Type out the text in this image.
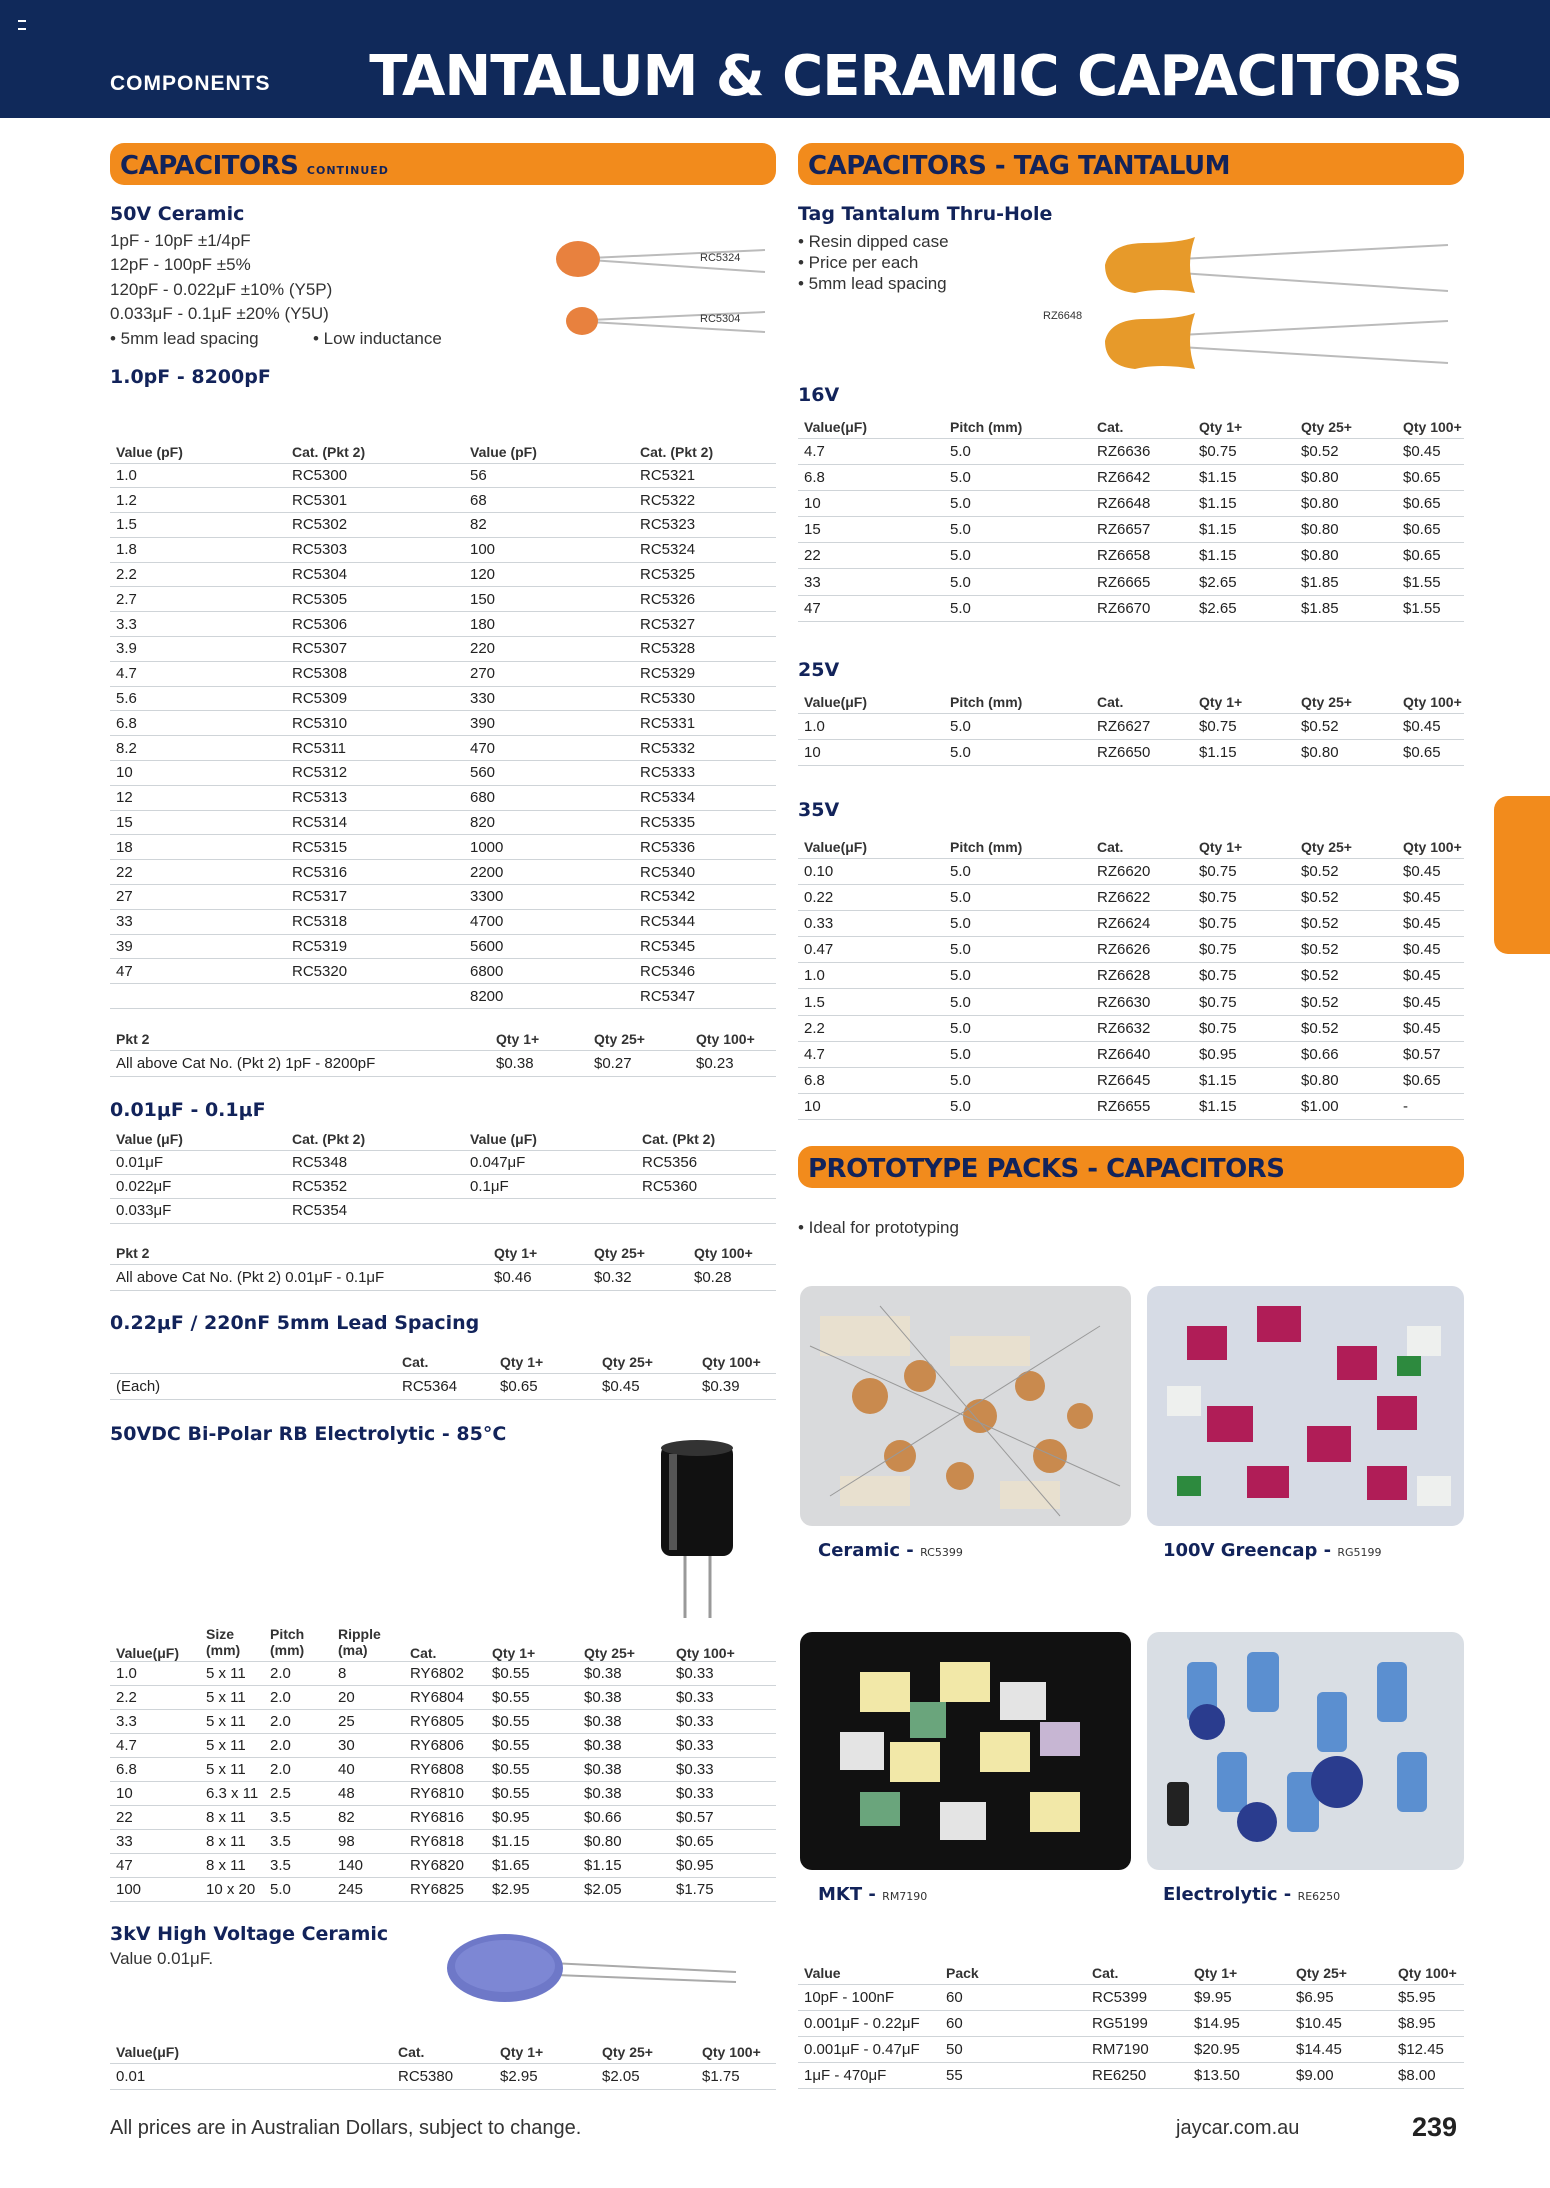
COMPONENTS TANTALUM & CERAMIC CAPACITORS
CAPACITORS CONTINUED
50V Ceramic
1pF - 10pF ±1/4pF
12pF - 100pF ±5%
120pF - 0.022μF ±10% (Y5P)
0.033μF - 0.1μF ±20% (Y5U)
• 5mm lead spacing	• Low inductance
RC5324
RC5304
1.0pF - 8200pF
Value (pF)	Cat. (Pkt 2)	Value (pF)	Cat. (Pkt 2)
1.0	RC5300	56	RC5321
1.2	RC5301	68	RC5322
1.5	RC5302	82	RC5323
1.8	RC5303	100	RC5324
2.2	RC5304	120	RC5325
2.7	RC5305	150	RC5326
3.3	RC5306	180	RC5327
3.9	RC5307	220	RC5328
4.7	RC5308	270	RC5329
5.6	RC5309	330	RC5330
6.8	RC5310	390	RC5331
8.2	RC5311	470	RC5332
10	RC5312	560	RC5333
12	RC5313	680	RC5334
15	RC5314	820	RC5335
18	RC5315	1000	RC5336
22	RC5316	2200	RC5340
27	RC5317	3300	RC5342
33	RC5318	4700	RC5344
39	RC5319	5600	RC5345
47	RC5320	6800	RC5346
		8200	RC5347
Pkt 2	Qty 1+	Qty 25+	Qty 100+
All above Cat No. (Pkt 2) 1pF - 8200pF	$0.38	$0.27	$0.23
0.01μF - 0.1μF
Value (μF)	Cat. (Pkt 2)	Value (μF)	Cat. (Pkt 2)
0.01μF	RC5348	0.047μF	RC5356
0.022μF	RC5352	0.1μF	RC5360
0.033μF	RC5354		
Pkt 2	Qty 1+	Qty 25+	Qty 100+
All above Cat No. (Pkt 2) 0.01μF - 0.1μF	$0.46	$0.32	$0.28
0.22μF / 220nF 5mm Lead Spacing
	Cat.	Qty 1+	Qty 25+	Qty 100+
(Each)	RC5364	$0.65	$0.45	$0.39
50VDC Bi-Polar RB Electrolytic - 85°C
Value(μF)	Size (mm)	Pitch (mm)	Ripple (ma)	Cat.	Qty 1+	Qty 25+	Qty 100+
1.0	5 x 11	2.0	8	RY6802	$0.55	$0.38	$0.33
2.2	5 x 11	2.0	20	RY6804	$0.55	$0.38	$0.33
3.3	5 x 11	2.0	25	RY6805	$0.55	$0.38	$0.33
4.7	5 x 11	2.0	30	RY6806	$0.55	$0.38	$0.33
6.8	5 x 11	2.0	40	RY6808	$0.55	$0.38	$0.33
10	6.3 x 11	2.5	48	RY6810	$0.55	$0.38	$0.33
22	8 x 11	3.5	82	RY6816	$0.95	$0.66	$0.57
33	8 x 11	3.5	98	RY6818	$1.15	$0.80	$0.65
47	8 x 11	3.5	140	RY6820	$1.65	$1.15	$0.95
100	10 x 20	5.0	245	RY6825	$2.95	$2.05	$1.75
3kV High Voltage Ceramic
Value 0.01μF.
Value(μF)	Cat.	Qty 1+	Qty 25+	Qty 100+
0.01	RC5380	$2.95	$2.05	$1.75
CAPACITORS - TAG TANTALUM
Tag Tantalum Thru-Hole
• Resin dipped case
• Price per each
• 5mm lead spacing
RZ6648
16V
Value(μF)	Pitch (mm)	Cat.	Qty 1+	Qty 25+	Qty 100+
4.7	5.0	RZ6636	$0.75	$0.52	$0.45
6.8	5.0	RZ6642	$1.15	$0.80	$0.65
10	5.0	RZ6648	$1.15	$0.80	$0.65
15	5.0	RZ6657	$1.15	$0.80	$0.65
22	5.0	RZ6658	$1.15	$0.80	$0.65
33	5.0	RZ6665	$2.65	$1.85	$1.55
47	5.0	RZ6670	$2.65	$1.85	$1.55
25V
Value(μF)	Pitch (mm)	Cat.	Qty 1+	Qty 25+	Qty 100+
1.0	5.0	RZ6627	$0.75	$0.52	$0.45
10	5.0	RZ6650	$1.15	$0.80	$0.65
35V
Value(μF)	Pitch (mm)	Cat.	Qty 1+	Qty 25+	Qty 100+
0.10	5.0	RZ6620	$0.75	$0.52	$0.45
0.22	5.0	RZ6622	$0.75	$0.52	$0.45
0.33	5.0	RZ6624	$0.75	$0.52	$0.45
0.47	5.0	RZ6626	$0.75	$0.52	$0.45
1.0	5.0	RZ6628	$0.75	$0.52	$0.45
1.5	5.0	RZ6630	$0.75	$0.52	$0.45
2.2	5.0	RZ6632	$0.75	$0.52	$0.45
4.7	5.0	RZ6640	$0.95	$0.66	$0.57
6.8	5.0	RZ6645	$1.15	$0.80	$0.65
10	5.0	RZ6655	$1.15	$1.00	-
PROTOTYPE PACKS - CAPACITORS
• Ideal for prototyping
Ceramic - RC5399	100V Greencap - RG5199
MKT - RM7190	Electrolytic - RE6250
Value	Pack	Cat.	Qty 1+	Qty 25+	Qty 100+
10pF - 100nF	60	RC5399	$9.95	$6.95	$5.95
0.001μF - 0.22μF	60	RG5199	$14.95	$10.45	$8.95
0.001μF - 0.47μF	50	RM7190	$20.95	$14.45	$12.45
1μF - 470μF	55	RE6250	$13.50	$9.00	$8.00
All prices are in Australian Dollars, subject to change.	jaycar.com.au	239
